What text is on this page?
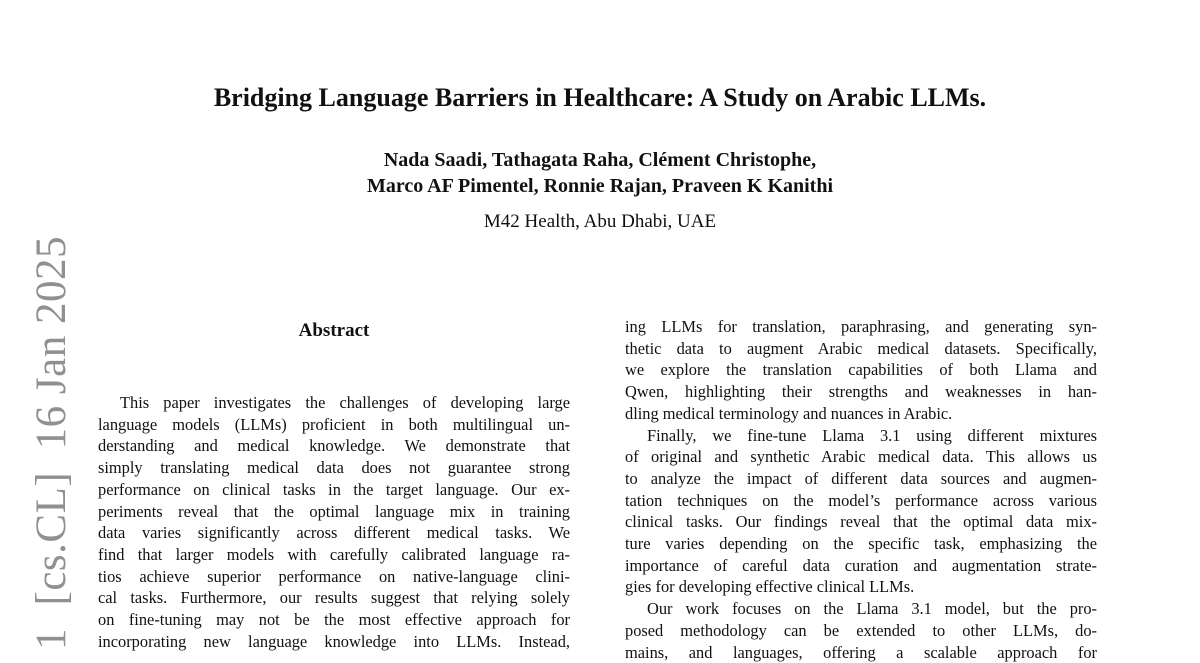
1  [cs.CL]  16 Jan 2025
Bridging Language Barriers in Healthcare: A Study on Arabic LLMs.
Nada Saadi, Tathagata Raha, Clément Christophe,
Marco AF Pimentel, Ronnie Rajan, Praveen K Kanithi
M42 Health, Abu Dhabi, UAE
Abstract
This paper investigates the challenges of developing large
language models (LLMs) proficient in both multilingual un-
derstanding and medical knowledge. We demonstrate that
simply translating medical data does not guarantee strong
performance on clinical tasks in the target language. Our ex-
periments reveal that the optimal language mix in training
data varies significantly across different medical tasks. We
find that larger models with carefully calibrated language ra-
tios achieve superior performance on native-language clini-
cal tasks. Furthermore, our results suggest that relying solely
on fine-tuning may not be the most effective approach for
incorporating new language knowledge into LLMs. Instead,
ing LLMs for translation, paraphrasing, and generating syn-
thetic data to augment Arabic medical datasets. Specifically,
we explore the translation capabilities of both Llama and
Qwen, highlighting their strengths and weaknesses in han-
dling medical terminology and nuances in Arabic.
Finally, we fine-tune Llama 3.1 using different mixtures
of original and synthetic Arabic medical data. This allows us
to analyze the impact of different data sources and augmen-
tation techniques on the model’s performance across various
clinical tasks. Our findings reveal that the optimal data mix-
ture varies depending on the specific task, emphasizing the
importance of careful data curation and augmentation strate-
gies for developing effective clinical LLMs.
Our work focuses on the Llama 3.1 model, but the pro-
posed methodology can be extended to other LLMs, do-
mains, and languages, offering a scalable approach for
